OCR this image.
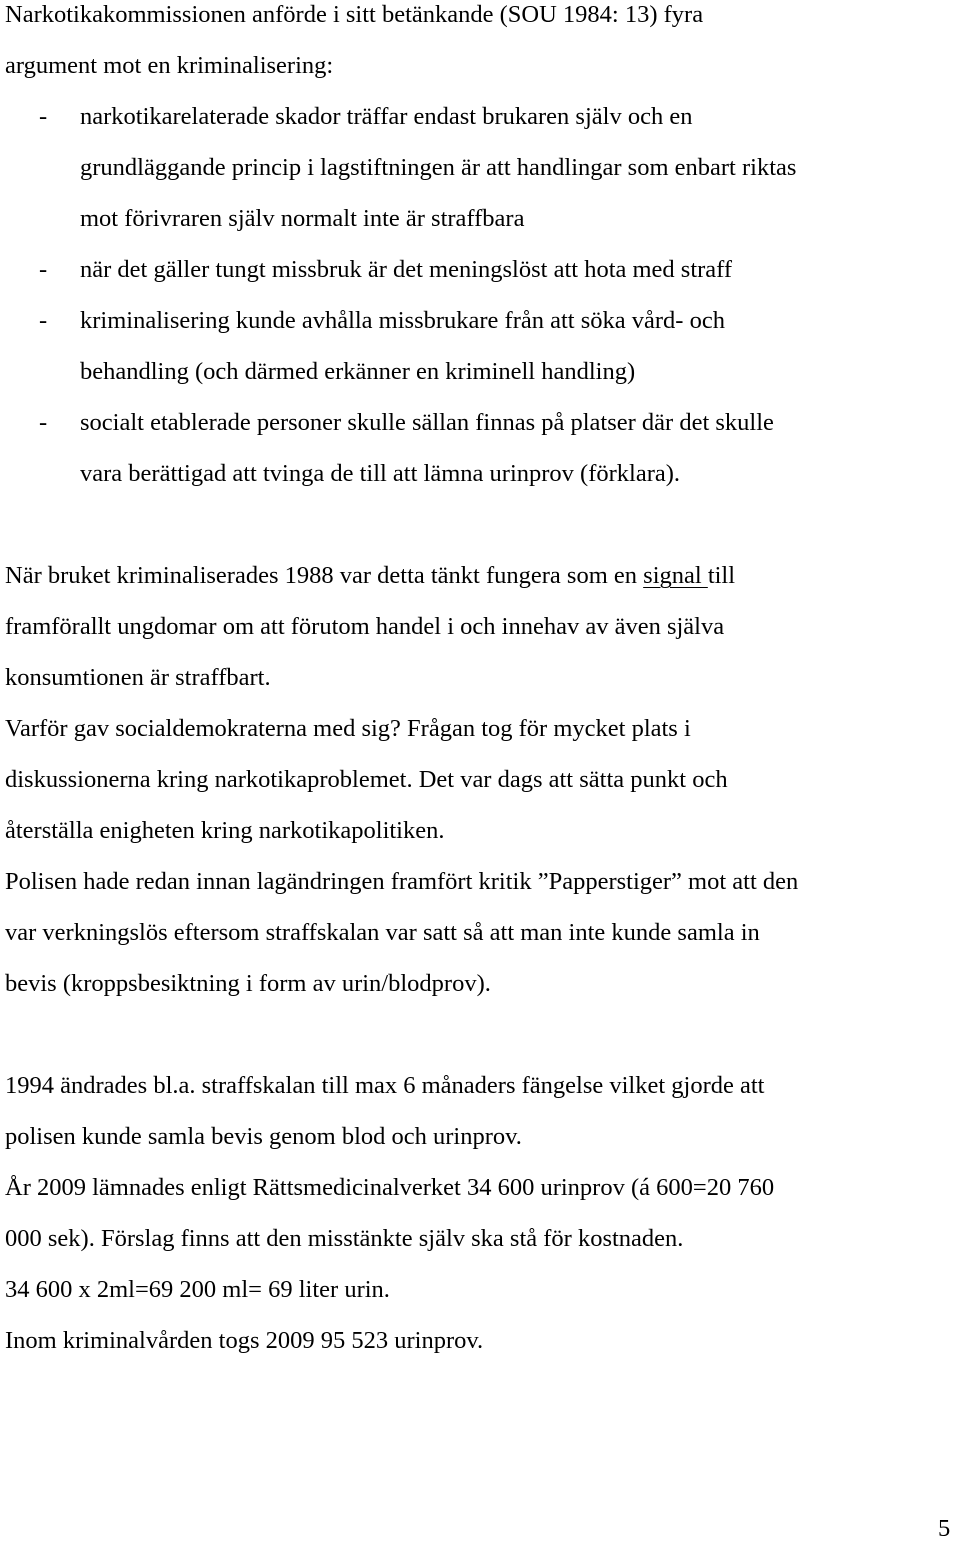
Narkotikakommissionen anförde i sitt betänkande (SOU 1984: 13) fyra
argument mot en kriminalisering:
- narkotikarelaterade skador träffar endast brukaren själv och en
grundläggande princip i lagstiftningen är att handlingar som enbart riktas
mot förivraren själv normalt inte är straffbara
- när det gäller tungt missbruk är det meningslöst att hota med straff
- kriminalisering kunde avhålla missbrukare från att söka vård- och
behandling (och därmed erkänner en kriminell handling)
- socialt etablerade personer skulle sällan finnas på platser där det skulle
vara berättigad att tvinga de till att lämna urinprov (förklara).
När bruket kriminaliserades 1988 var detta tänkt fungera som en signal till
framförallt ungdomar om att förutom handel i och innehav av även själva
konsumtionen är straffbart.
Varför gav socialdemokraterna med sig? Frågan tog för mycket plats i
diskussionerna kring narkotikaproblemet. Det var dags att sätta punkt och
återställa enigheten kring narkotikapolitiken.
Polisen hade redan innan lagändringen framfört kritik ”Papperstiger” mot att den
var verkningslös eftersom straffskalan var satt så att man inte kunde samla in
bevis (kroppsbesiktning i form av urin/blodprov).
1994 ändrades bl.a. straffskalan till max 6 månaders fängelse vilket gjorde att
polisen kunde samla bevis genom blod och urinprov.
År 2009 lämnades enligt Rättsmedicinalverket 34 600 urinprov (á 600=20 760
000 sek). Förslag finns att den misstänkte själv ska stå för kostnaden.
34 600 x 2ml=69 200 ml= 69 liter urin.
Inom kriminalvården togs 2009 95 523 urinprov.
5
